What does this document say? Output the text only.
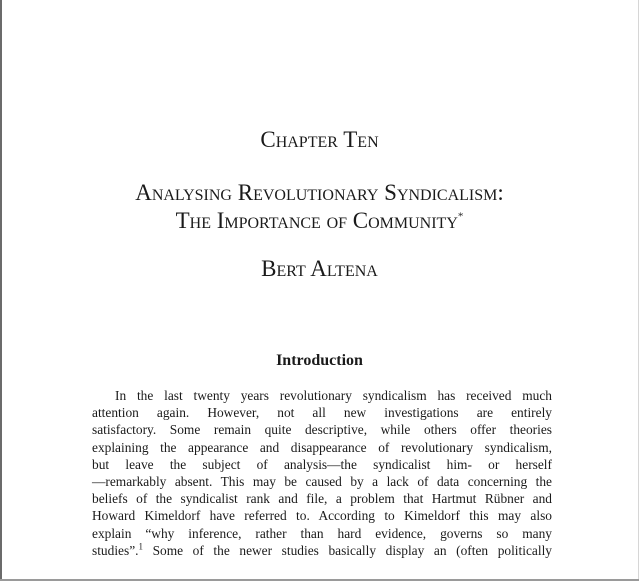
Chapter Ten
Analysing Revolutionary Syndicalism:
The Importance of Community*
Bert Altena
Introduction
In the last twenty years revolutionary syndicalism has received much
attention again. However, not all new investigations are entirely
satisfactory. Some remain quite descriptive, while others offer theories
explaining the appearance and disappearance of revolutionary syndicalism,
but leave the subject of analysis—the syndicalist him- or herself
—remarkably absent. This may be caused by a lack of data concerning the
beliefs of the syndicalist rank and file, a problem that Hartmut Rübner and
Howard Kimeldorf have referred to. According to Kimeldorf this may also
explain “why inference, rather than hard evidence, governs so many
studies”.$^1$ Some of the newer studies basically display an (often politically
